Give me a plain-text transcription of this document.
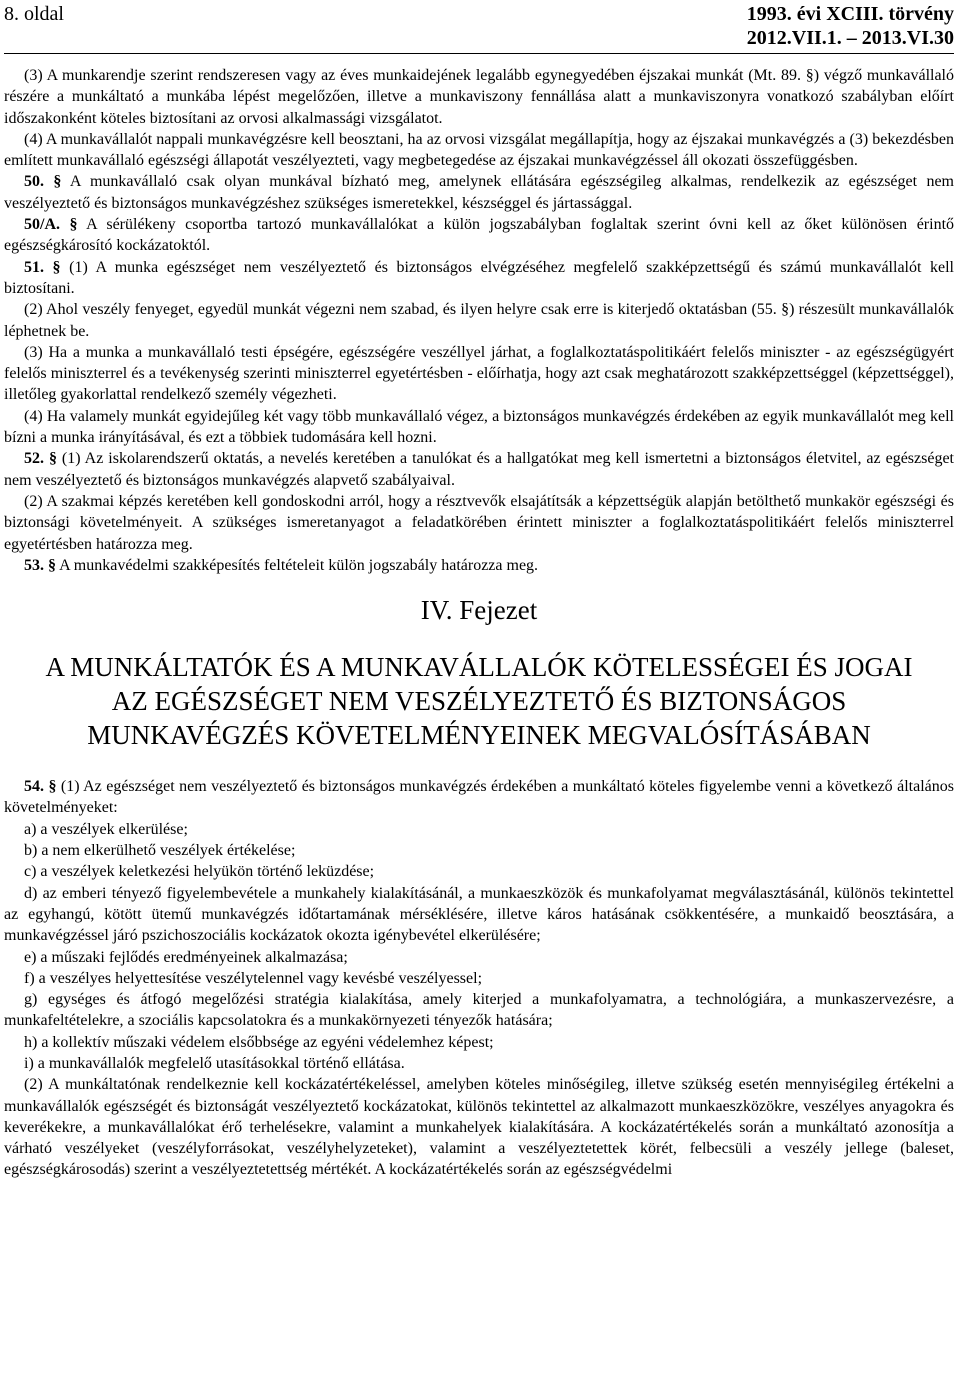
8. oldal	1993. évi XCIII. törvény
2012.VII.1. – 2013.VI.30

(3) A munkarendje szerint rendszeresen vagy az éves munkaidejének legalább egynegyedében éjszakai munkát (Mt. 89. §) végző munkavállaló részére a munkáltató a munkába lépést megelőzően, illetve a munkaviszony fennállása alatt a munkaviszonyra vonatkozó szabályban előírt időszakonként köteles biztosítani az orvosi alkalmassági vizsgálatot.

(4) A munkavállalót nappali munkavégzésre kell beosztani, ha az orvosi vizsgálat megállapítja, hogy az éjszakai munkavégzés a (3) bekezdésben említett munkavállaló egészségi állapotát veszélyezteti, vagy megbetegedése az éjszakai munkavégzéssel áll okozati összefüggésben.

50. § A munkavállaló csak olyan munkával bízható meg, amelynek ellátására egészségileg alkalmas, rendelkezik az egészséget nem veszélyeztető és biztonságos munkavégzéshez szükséges ismeretekkel, készséggel és jártassággal.

50/A. § A sérülékeny csoportba tartozó munkavállalókat a külön jogszabályban foglaltak szerint óvni kell az őket különösen érintő egészségkárosító kockázatoktól.

51. § (1) A munka egészséget nem veszélyeztető és biztonságos elvégzéséhez megfelelő szakképzettségű és számú munkavállalót kell biztosítani.

(2) Ahol veszély fenyeget, egyedül munkát végezni nem szabad, és ilyen helyre csak erre is kiterjedő oktatásban (55. §) részesült munkavállalók léphetnek be.

(3) Ha a munka a munkavállaló testi épségére, egészségére veszéllyel járhat, a foglalkoztatáspolitikáért felelős miniszter - az egészségügyért felelős miniszterrel és a tevékenység szerinti miniszterrel egyetértésben - előírhatja, hogy azt csak meghatározott szakképzettséggel (képzettséggel), illetőleg gyakorlattal rendelkező személy végezheti.

(4) Ha valamely munkát egyidejűleg két vagy több munkavállaló végez, a biztonságos munkavégzés érdekében az egyik munkavállalót meg kell bízni a munka irányításával, és ezt a többiek tudomására kell hozni.

52. § (1) Az iskolarendszerű oktatás, a nevelés keretében a tanulókat és a hallgatókat meg kell ismertetni a biztonságos életvitel, az egészséget nem veszélyeztető és biztonságos munkavégzés alapvető szabályaival.

(2) A szakmai képzés keretében kell gondoskodni arról, hogy a résztvevők elsajátítsák a képzettségük alapján betölthető munkakör egészségi és biztonsági követelményeit. A szükséges ismeretanyagot a feladatkörében érintett miniszter a foglalkoztatáspolitikáért felelős miniszterrel egyetértésben határozza meg.

53. § A munkavédelmi szakképesítés feltételeit külön jogszabály határozza meg.

IV. Fejezet
A MUNKÁLTATÓK ÉS A MUNKAVÁLLALÓK KÖTELESSÉGEI ÉS JOGAI
AZ EGÉSZSÉGET NEM VESZÉLYEZTETŐ ÉS BIZTONSÁGOS
MUNKAVÉGZÉS KÖVETELMÉNYEINEK MEGVALÓSÍTÁSÁBAN

54. § (1) Az egészséget nem veszélyeztető és biztonságos munkavégzés érdekében a munkáltató köteles figyelembe venni a következő általános követelményeket:

a) a veszélyek elkerülése;

b) a nem elkerülhető veszélyek értékelése;

c) a veszélyek keletkezési helyükön történő leküzdése;

d) az emberi tényező figyelembevétele a munkahely kialakításánál, a munkaeszközök és munkafolyamat megválasztásánál, különös tekintettel az egyhangú, kötött ütemű munkavégzés időtartamának mérséklésére, illetve káros hatásának csökkentésére, a munkaidő beosztására, a munkavégzéssel járó pszichoszociális kockázatok okozta igénybevétel elkerülésére;

e) a műszaki fejlődés eredményeinek alkalmazása;

f) a veszélyes helyettesítése veszélytelennel vagy kevésbé veszélyessel;

g) egységes és átfogó megelőzési stratégia kialakítása, amely kiterjed a munkafolyamatra, a technológiára, a munkaszervezésre, a munkafeltételekre, a szociális kapcsolatokra és a munkakörnyezeti tényezők hatására;

h) a kollektív műszaki védelem elsőbbsége az egyéni védelemhez képest;

i) a munkavállalók megfelelő utasításokkal történő ellátása.

(2) A munkáltatónak rendelkeznie kell kockázatértékeléssel, amelyben köteles minőségileg, illetve szükség esetén mennyiségileg értékelni a munkavállalók egészségét és biztonságát veszélyeztető kockázatokat, különös tekintettel az alkalmazott munkaeszközökre, veszélyes anyagokra és keverékekre, a munkavállalókat érő terhelésekre, valamint a munkahelyek kialakítására. A kockázatértékelés során a munkáltató azonosítja a várható veszélyeket (veszélyforrásokat, veszélyhelyzeteket), valamint a veszélyeztetettek körét, felbecsüli a veszély jellege (baleset, egészségkárosodás) szerint a veszélyeztetettség mértékét. A kockázatértékelés során az egészségvédelmi
